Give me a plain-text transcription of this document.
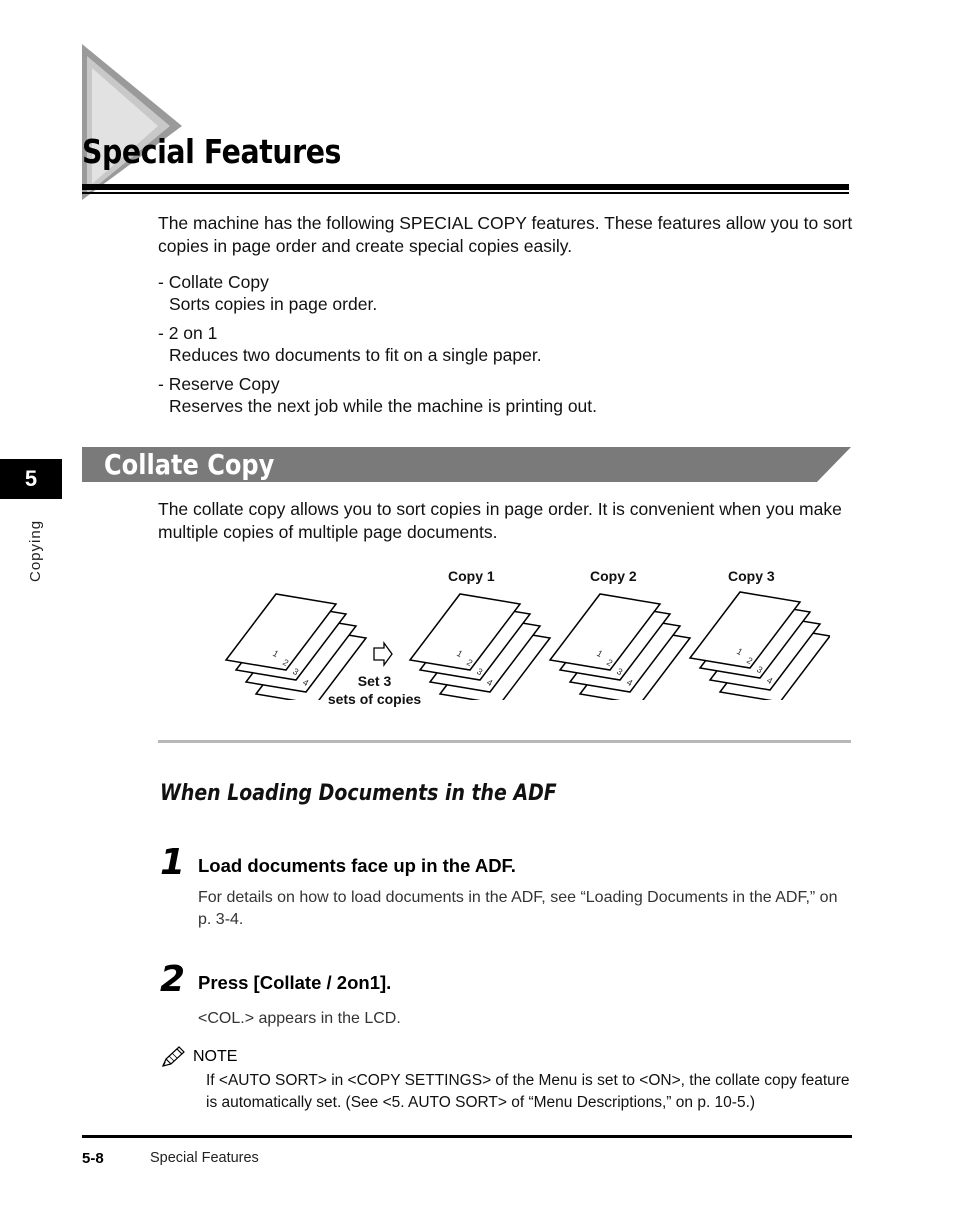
Special Features
The machine has the following SPECIAL COPY features. These features allow you to sort copies in page order and create special copies easily.
- Collate Copy
Sorts copies in page order.
- 2 on 1
Reduces two documents to fit on a single paper.
- Reserve Copy
Reserves the next job while the machine is printing out.
5
Copying
Collate Copy
The collate copy allows you to sort copies in page order. It is convenient when you make multiple copies of multiple page documents.
Copy 1	Copy 2	Copy 3
1
2
3
4
1
2
3
4
1
2
3
4
1
2
3
4
Set 3
sets of copies
When Loading Documents in the ADF
1 Load documents face up in the ADF.
For details on how to load documents in the ADF, see “Loading Documents in the ADF,” on p. 3-4.
2 Press [Collate / 2on1].
<COL.> appears in the LCD.
NOTE
If <AUTO SORT> in <COPY SETTINGS> of the Menu is set to <ON>, the collate copy feature is automatically set. (See <5. AUTO SORT> of “Menu Descriptions,” on p. 10-5.)
5-8	Special Features
